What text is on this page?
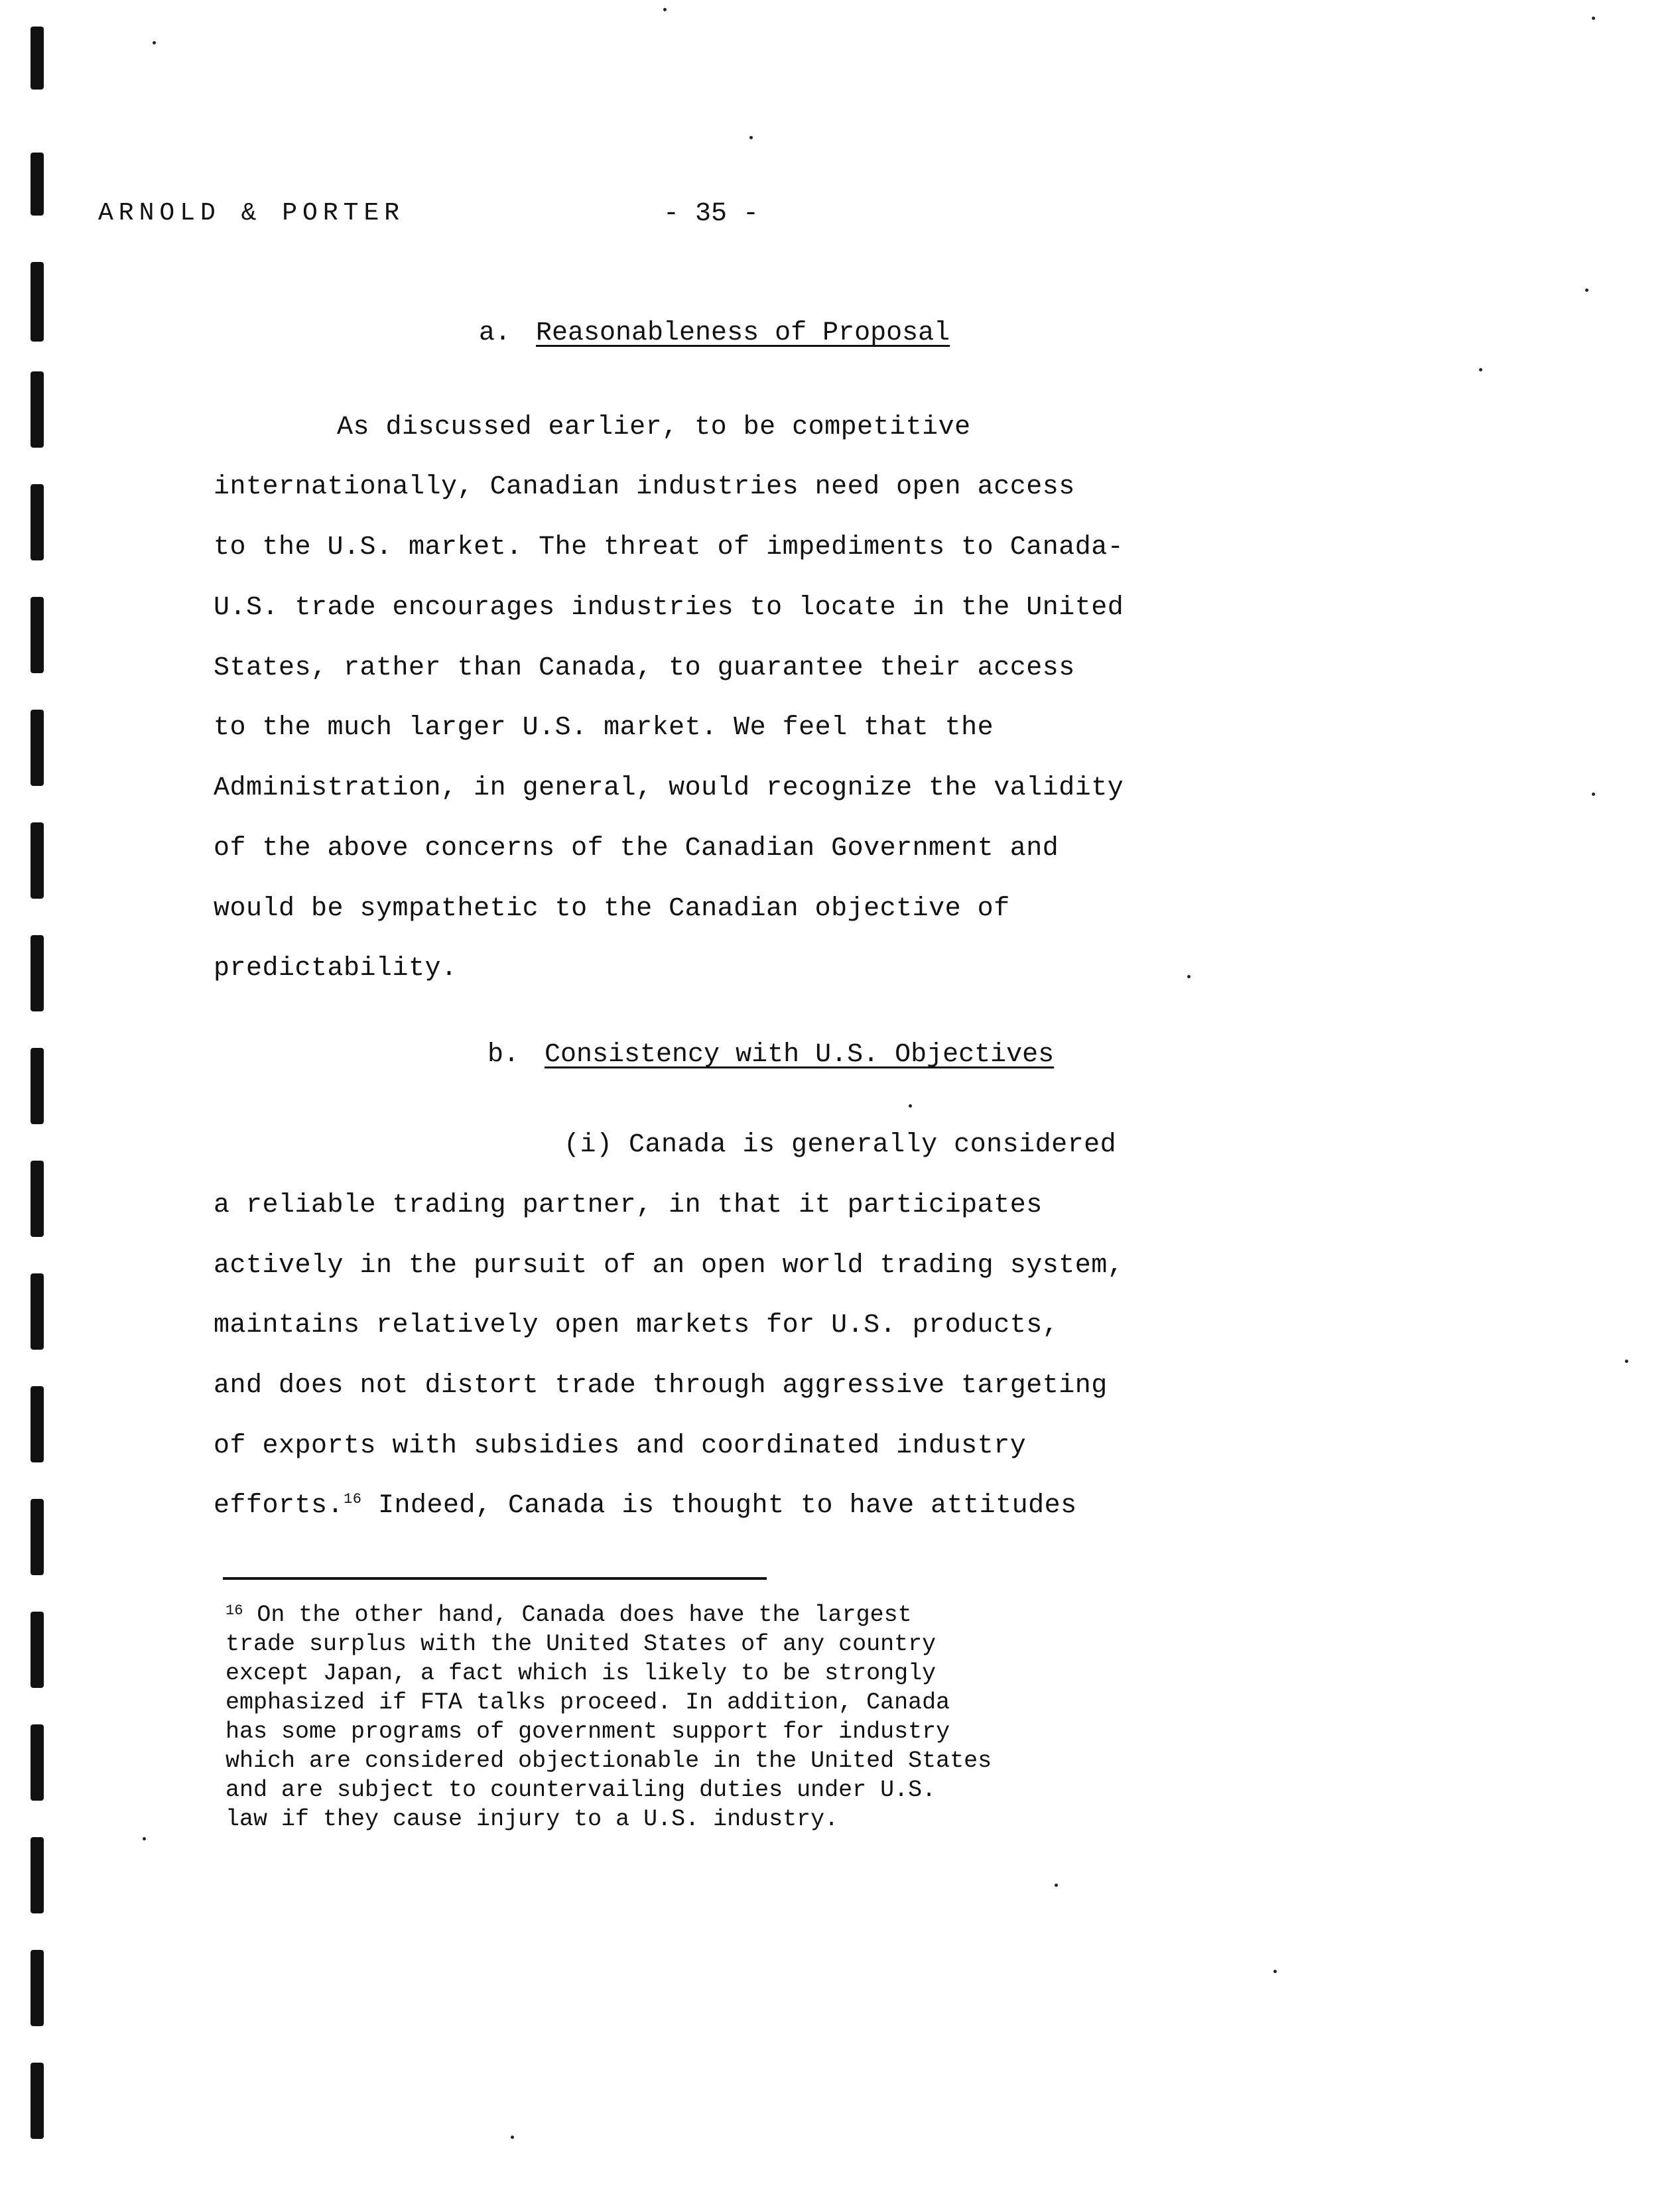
ARNOLD & PORTER	- 35 -
a. Reasonableness of Proposal
As discussed earlier, to be competitive
internationally, Canadian industries need open access
to the U.S. market. The threat of impediments to Canada-
U.S. trade encourages industries to locate in the United
States, rather than Canada, to guarantee their access
to the much larger U.S. market. We feel that the
Administration, in general, would recognize the validity
of the above concerns of the Canadian Government and
would be sympathetic to the Canadian objective of
predictability.
b. Consistency with U.S. Objectives
(i) Canada is generally considered
a reliable trading partner, in that it participates
actively in the pursuit of an open world trading system,
maintains relatively open markets for U.S. products,
and does not distort trade through aggressive targeting
of exports with subsidies and coordinated industry
efforts.$^{16}$ Indeed, Canada is thought to have attitudes
$^{16}$ On the other hand, Canada does have the largest
trade surplus with the United States of any country
except Japan, a fact which is likely to be strongly
emphasized if FTA talks proceed. In addition, Canada
has some programs of government support for industry
which are considered objectionable in the United States
and are subject to countervailing duties under U.S.
law if they cause injury to a U.S. industry.
